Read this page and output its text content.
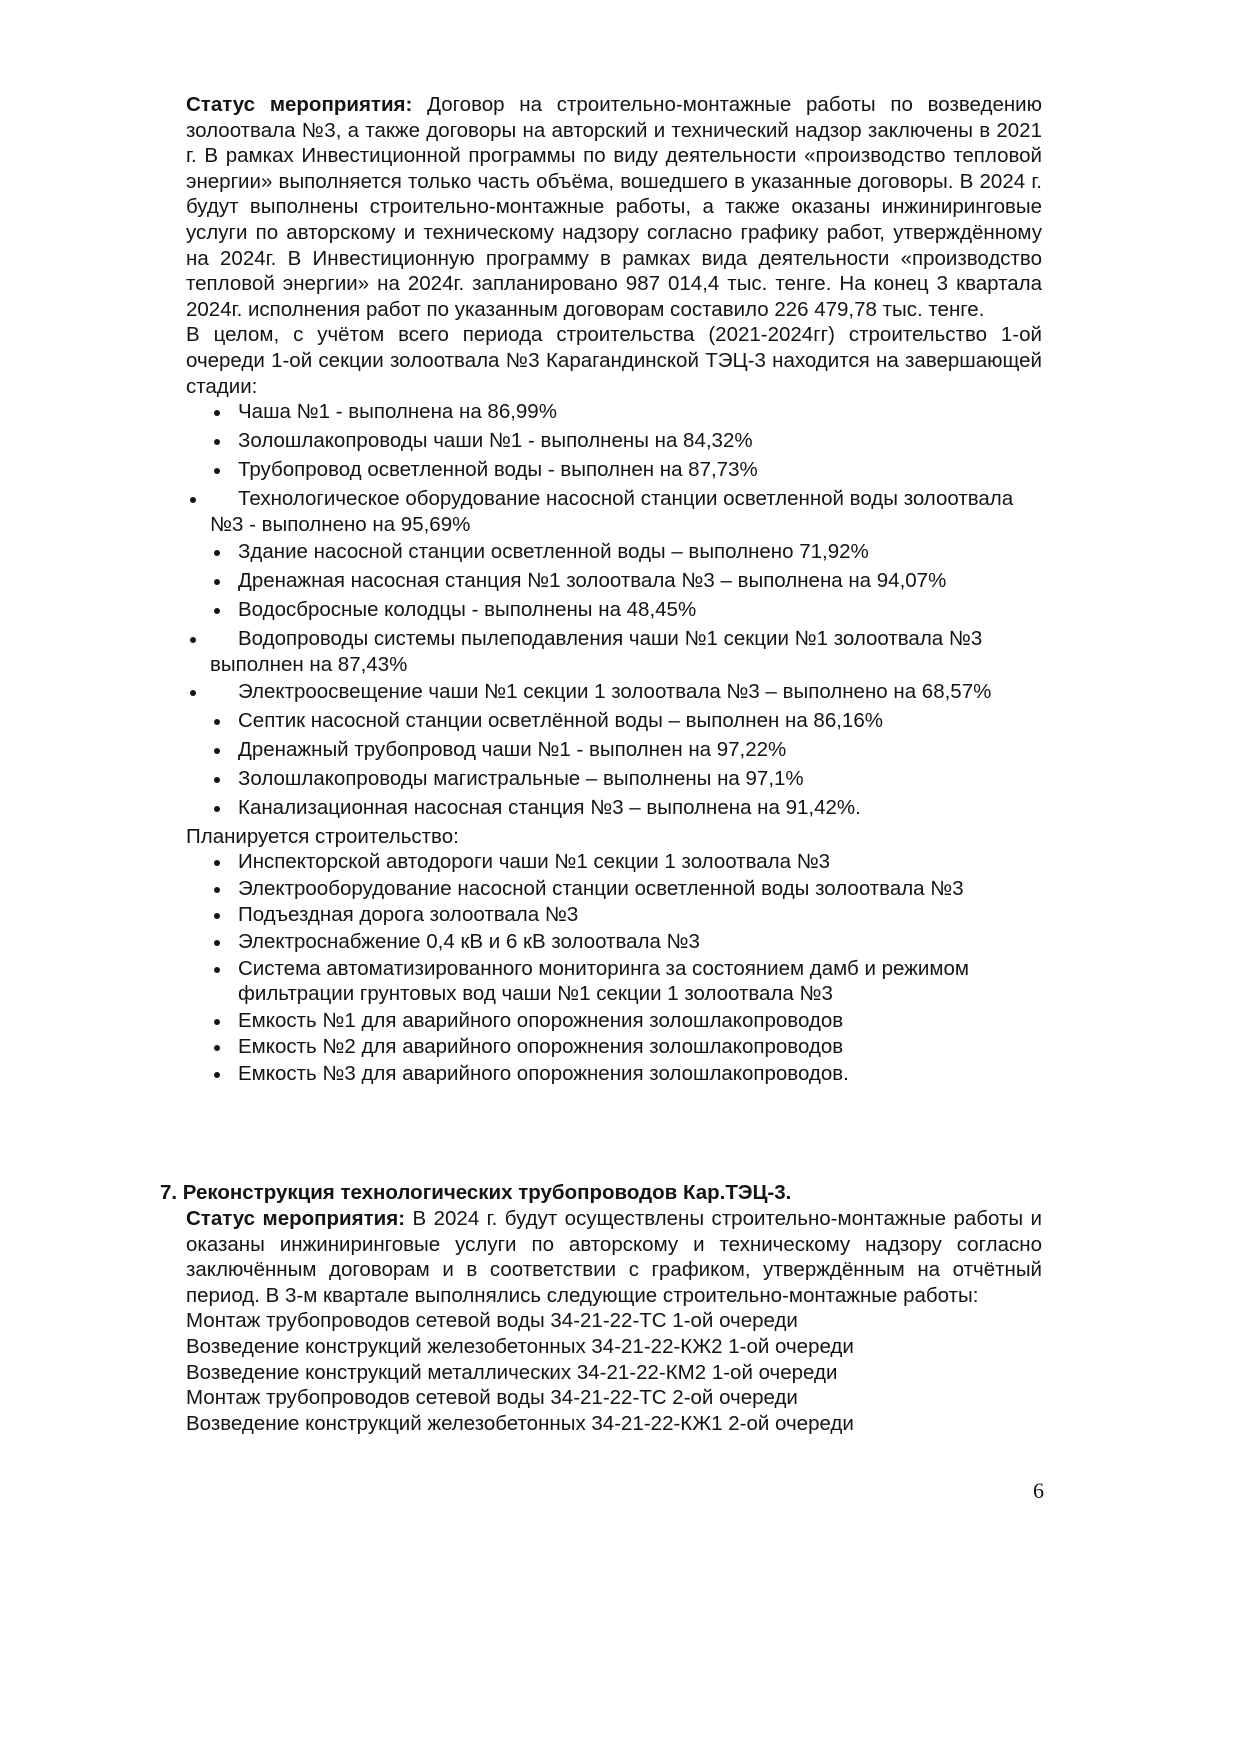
Статус мероприятия: Договор на строительно-монтажные работы по возведению золоотвала №3, а также договоры на авторский и технический надзор заключены в 2021 г. В рамках Инвестиционной программы по виду деятельности «производство тепловой энергии» выполняется только часть объёма, вошедшего в указанные договоры. В 2024 г. будут выполнены строительно-монтажные работы, а также оказаны инжиниринговые услуги по авторскому и техническому надзору согласно графику работ, утверждённому на 2024г. В Инвестиционную программу в рамках вида деятельности «производство тепловой энергии» на 2024г. запланировано 987 014,4 тыс. тенге. На конец 3 квартала 2024г. исполнения работ по указанным договорам составило 226 479,78 тыс. тенге.

В целом, с учётом всего периода строительства (2021-2024гг) строительство 1-ой очереди 1-ой секции золоотвала №3 Карагандинской ТЭЦ-3 находится на завершающей стадии:

Чаша №1 - выполнена на 86,99%
Золошлакопроводы чаши №1 - выполнены на 84,32%
Трубопровод осветленной воды - выполнен на 87,73%
Технологическое оборудование насосной станции осветленной воды золоотвала №3 - выполнено на 95,69%
Здание насосной станции осветленной воды – выполнено 71,92%
Дренажная насосная станция №1 золоотвала №3 – выполнена на 94,07%
Водосбросные колодцы - выполнены на 48,45%
Водопроводы системы пылеподавления чаши №1 секции №1 золоотвала №3 выполнен на 87,43%
Электроосвещение чаши №1 секции 1 золоотвала №3 – выполнено на 68,57%
Септик насосной станции осветлённой воды – выполнен на 86,16%
Дренажный трубопровод чаши №1 - выполнен на 97,22%
Золошлакопроводы магистральные – выполнены на 97,1%
Канализационная насосная станция №3 – выполнена на 91,42%.

Планируется строительство:

Инспекторской автодороги чаши №1 секции 1 золоотвала №3
Электрооборудование насосной станции осветленной воды золоотвала №3
Подъездная дорога золоотвала №3
Электроснабжение 0,4 кВ и 6 кВ золоотвала №3
Система автоматизированного мониторинга за состоянием дамб и режимом фильтрации грунтовых вод чаши №1 секции 1 золоотвала №3
Емкость №1 для аварийного опорожнения золошлакопроводов
Емкость №2 для аварийного опорожнения золошлакопроводов
Емкость №3 для аварийного опорожнения золошлакопроводов.
7. Реконструкция технологических трубопроводов Кар.ТЭЦ-3.

Статус мероприятия: В 2024 г. будут осуществлены строительно-монтажные работы и оказаны инжиниринговые услуги по авторскому и техническому надзору согласно заключённым договорам и в соответствии с графиком, утверждённым на отчётный период. В 3-м квартале выполнялись следующие строительно-монтажные работы:

Монтаж трубопроводов сетевой воды 34-21-22-ТС 1-ой очереди

Возведение конструкций железобетонных 34-21-22-КЖ2 1-ой очереди

Возведение конструкций металлических 34-21-22-КМ2 1-ой очереди

Монтаж трубопроводов сетевой воды 34-21-22-ТС 2-ой очереди

Возведение конструкций железобетонных 34-21-22-КЖ1 2-ой очереди

6
